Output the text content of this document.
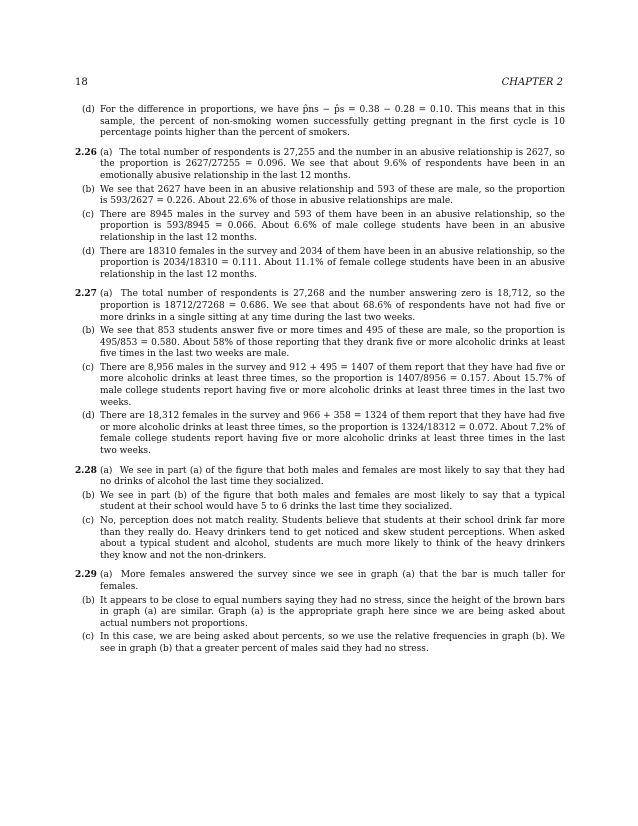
18	CHAPTER 2
(d) For the difference in proportions, we have p̂ns − p̂s = 0.38 − 0.28 = 0.10. This means that in this sample, the percent of non-smoking women successfully getting pregnant in the first cycle is 10 percentage points higher than the percent of smokers.
2.26 (a) The total number of respondents is 27,255 and the number in an abusive relationship is 2627, so the proportion is 2627/27255 = 0.096. We see that about 9.6% of respondents have been in an emotionally abusive relationship in the last 12 months.
(b) We see that 2627 have been in an abusive relationship and 593 of these are male, so the proportion is 593/2627 = 0.226. About 22.6% of those in abusive relationships are male.
(c) There are 8945 males in the survey and 593 of them have been in an abusive relationship, so the proportion is 593/8945 = 0.066. About 6.6% of male college students have been in an abusive relationship in the last 12 months.
(d) There are 18310 females in the survey and 2034 of them have been in an abusive relationship, so the proportion is 2034/18310 = 0.111. About 11.1% of female college students have been in an abusive relationship in the last 12 months.
2.27 (a) The total number of respondents is 27,268 and the number answering zero is 18,712, so the proportion is 18712/27268 = 0.686. We see that about 68.6% of respondents have not had five or more drinks in a single sitting at any time during the last two weeks.
(b) We see that 853 students answer five or more times and 495 of these are male, so the proportion is 495/853 = 0.580. About 58% of those reporting that they drank five or more alcoholic drinks at least five times in the last two weeks are male.
(c) There are 8,956 males in the survey and 912 + 495 = 1407 of them report that they have had five or more alcoholic drinks at least three times, so the proportion is 1407/8956 = 0.157. About 15.7% of male college students report having five or more alcoholic drinks at least three times in the last two weeks.
(d) There are 18,312 females in the survey and 966 + 358 = 1324 of them report that they have had five or more alcoholic drinks at least three times, so the proportion is 1324/18312 = 0.072. About 7.2% of female college students report having five or more alcoholic drinks at least three times in the last two weeks.
2.28 (a) We see in part (a) of the figure that both males and females are most likely to say that they had no drinks of alcohol the last time they socialized.
(b) We see in part (b) of the figure that both males and females are most likely to say that a typical student at their school would have 5 to 6 drinks the last time they socialized.
(c) No, perception does not match reality. Students believe that students at their school drink far more than they really do. Heavy drinkers tend to get noticed and skew student perceptions. When asked about a typical student and alcohol, students are much more likely to think of the heavy drinkers they know and not the non-drinkers.
2.29 (a) More females answered the survey since we see in graph (a) that the bar is much taller for females.
(b) It appears to be close to equal numbers saying they had no stress, since the height of the brown bars in graph (a) are similar. Graph (a) is the appropriate graph here since we are being asked about actual numbers not proportions.
(c) In this case, we are being asked about percents, so we use the relative frequencies in graph (b). We see in graph (b) that a greater percent of males said they had no stress.
